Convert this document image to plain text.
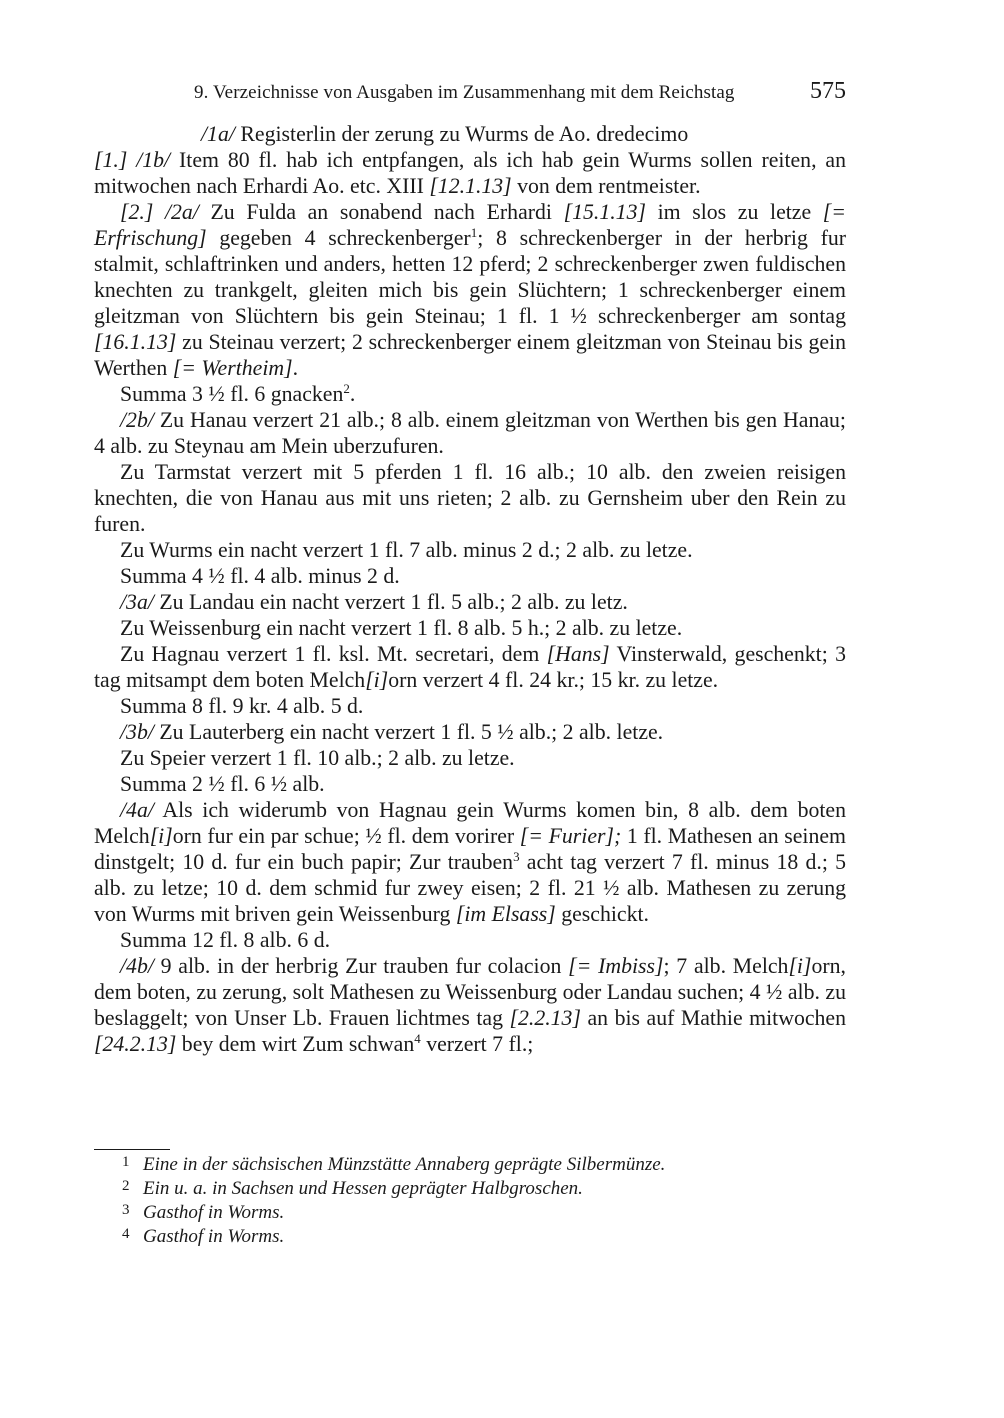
9. Verzeichnisse von Ausgaben im Zusammenhang mit dem Reichstag	575

/1a/ Registerlin der zerung zu Wurms de Ao. dredecimo

[1.] /1b/ Item 80 fl. hab ich entpfangen, als ich hab gein Wurms sollen reiten, an mitwochen nach Erhardi Ao. etc. XIII [12.1.13] von dem rentmeister.

[2.] /2a/ Zu Fulda an sonabend nach Erhardi [15.1.13] im slos zu letze [= Erfrischung] gegeben 4 schreckenberger$^1$; 8 schreckenberger in der herbrig fur stalmit, schlaftrinken und anders, hetten 12 pferd; 2 schreckenberger zwen fuldischen knechten zu trankgelt, gleiten mich bis gein Slüchtern; 1 schreckenberger einem gleitzman von Slüchtern bis gein Steinau; 1 fl. 1 ½ schreckenberger am sontag [16.1.13] zu Steinau verzert; 2 schreckenberger einem gleitzman von Steinau bis gein Werthen [= Wertheim].

Summa 3 ½ fl. 6 gnacken$^2$.

/2b/ Zu Hanau verzert 21 alb.; 8 alb. einem gleitzman von Werthen bis gen Hanau; 4 alb. zu Steynau am Mein uberzufuren.

Zu Tarmstat verzert mit 5 pferden 1 fl. 16 alb.; 10 alb. den zweien reisigen knechten, die von Hanau aus mit uns rieten; 2 alb. zu Gernsheim uber den Rein zu furen.

Zu Wurms ein nacht verzert 1 fl. 7 alb. minus 2 d.; 2 alb. zu letze.

Summa 4 ½ fl. 4 alb. minus 2 d.

/3a/ Zu Landau ein nacht verzert 1 fl. 5 alb.; 2 alb. zu letz.

Zu Weissenburg ein nacht verzert 1 fl. 8 alb. 5 h.; 2 alb. zu letze.

Zu Hagnau verzert 1 fl. ksl. Mt. secretari, dem [Hans] Vinsterwald, geschenkt; 3 tag mitsampt dem boten Melch[i]orn verzert 4 fl. 24 kr.; 15 kr. zu letze.

Summa 8 fl. 9 kr. 4 alb. 5 d.

/3b/ Zu Lauterberg ein nacht verzert 1 fl. 5 ½ alb.; 2 alb. letze.

Zu Speier verzert 1 fl. 10 alb.; 2 alb. zu letze.

Summa 2 ½ fl. 6 ½ alb.

/4a/ Als ich widerumb von Hagnau gein Wurms komen bin, 8 alb. dem boten Melch[i]orn fur ein par schue; ½ fl. dem vorirer [= Furier]; 1 fl. Mathesen an seinem dinstgelt; 10 d. fur ein buch papir; Zur trauben$^3$ acht tag verzert 7 fl. minus 18 d.; 5 alb. zu letze; 10 d. dem schmid fur zwey eisen; 2 fl. 21 ½ alb. Mathesen zu zerung von Wurms mit briven gein Weissenburg [im Elsass] geschickt.

Summa 12 fl. 8 alb. 6 d.

/4b/ 9 alb. in der herbrig Zur trauben fur colacion [= Imbiss]; 7 alb. Melch[i]orn, dem boten, zu zerung, solt Mathesen zu Weissenburg oder Landau suchen; 4 ½ alb. zu beslaggelt; von Unser Lb. Frauen lichtmes tag [2.2.13] an bis auf Mathie mitwochen [24.2.13] bey dem wirt Zum schwan$^4$ verzert 7 fl.;

1 Eine in der sächsischen Münzstätte Annaberg geprägte Silbermünze.
2 Ein u. a. in Sachsen und Hessen geprägter Halbgroschen.
3 Gasthof in Worms.
4 Gasthof in Worms.
